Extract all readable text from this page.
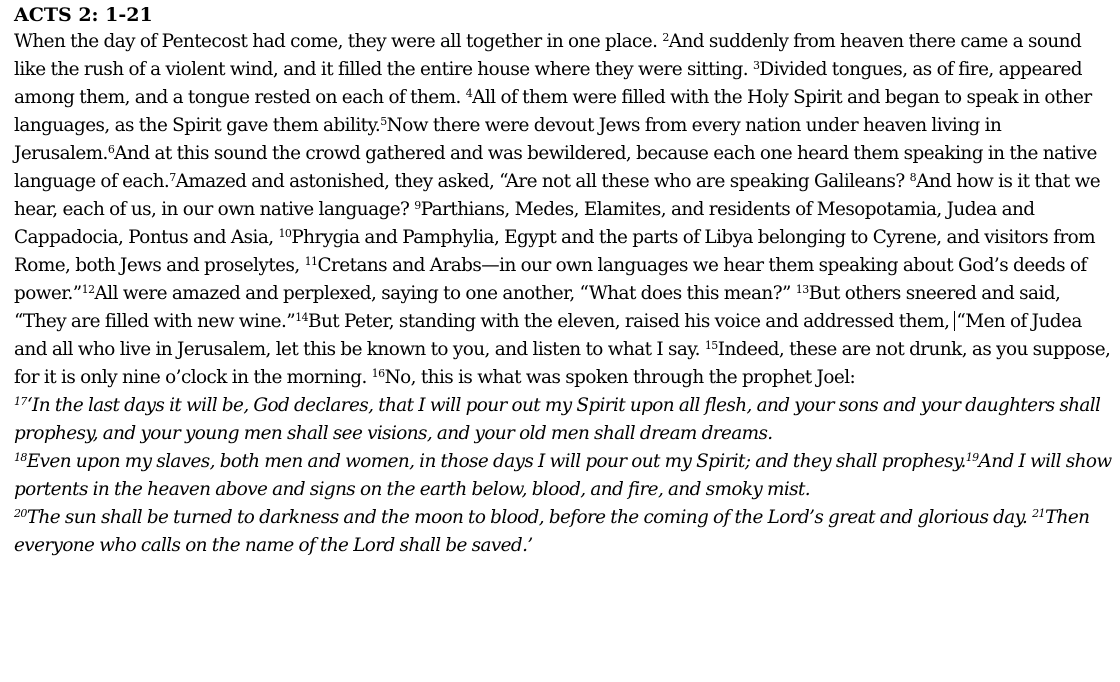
ACTS 2: 1-21

When the day of Pentecost had come, they were all together in one place. $^2$And suddenly from heaven there came a sound like the rush of a violent wind, and it filled the entire house where they were sitting. $^3$Divided tongues, as of fire, appeared among them, and a tongue rested on each of them. $^4$All of them were filled with the Holy Spirit and began to speak in other languages, as the Spirit gave them ability.$^5$Now there were devout Jews from every nation under heaven living in Jerusalem.$^6$And at this sound the crowd gathered and was bewildered, because each one heard them speaking in the native language of each.$^7$Amazed and astonished, they asked, “Are not all these who are speaking Galileans? $^8$And how is it that we hear, each of us, in our own native language? $^9$Parthians, Medes, Elamites, and residents of Mesopotamia, Judea and Cappadocia, Pontus and Asia, $^{10}$Phrygia and Pamphylia, Egypt and the parts of Libya belonging to Cyrene, and visitors from Rome, both Jews and proselytes, $^{11}$Cretans and Arabs—in our own languages we hear them speaking about God’s deeds of power.”$^{12}$All were amazed and perplexed, saying to one another, “What does this mean?” $^{13}$But others sneered and said, “They are filled with new wine.”$^{14}$But Peter, standing with the eleven, raised his voice and addressed them, “Men of Judea and all who live in Jerusalem, let this be known to you, and listen to what I say. $^{15}$Indeed, these are not drunk, as you suppose, for it is only nine o’clock in the morning. $^{16}$No, this is what was spoken through the prophet Joel:

$^{17}$‘In the last days it will be, God declares, that I will pour out my Spirit upon all flesh, and your sons and your daughters shall prophesy, and your young men shall see visions, and your old men shall dream dreams.

$^{18}$Even upon my slaves, both men and women, in those days I will pour out my Spirit; and they shall prophesy.$^{19}$And I will show portents in the heaven above and signs on the earth below, blood, and fire, and smoky mist.

$^{20}$The sun shall be turned to darkness and the moon to blood, before the coming of the Lord’s great and glorious day. $^{21}$Then everyone who calls on the name of the Lord shall be saved.’
